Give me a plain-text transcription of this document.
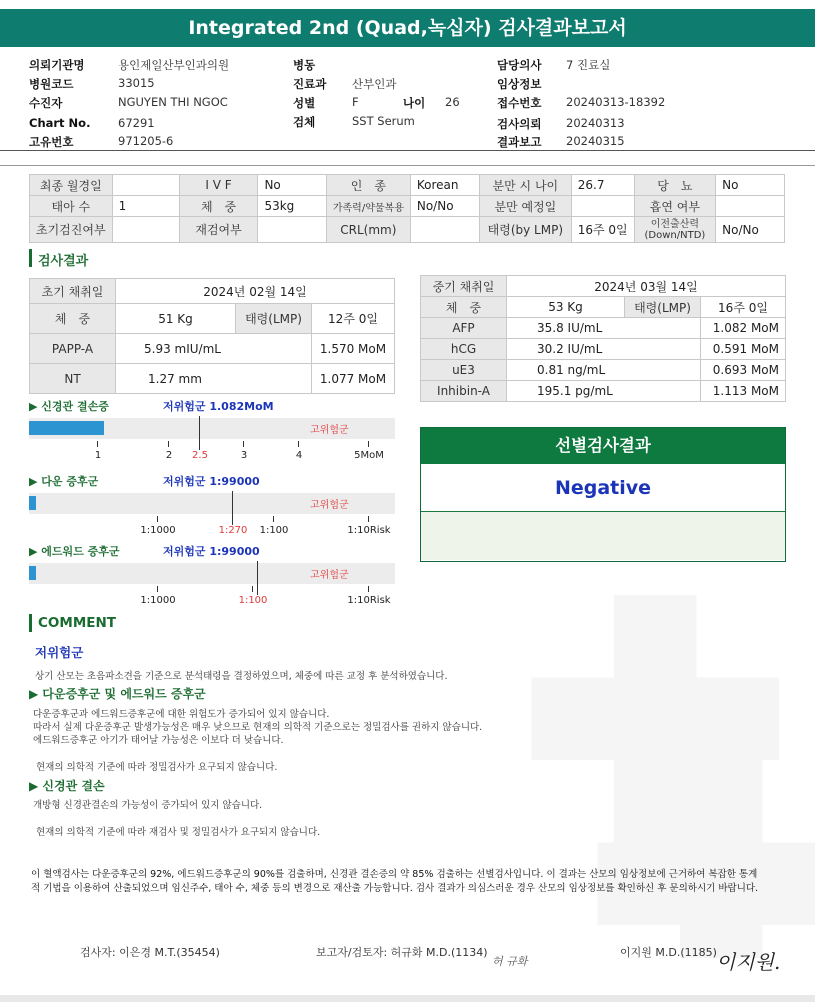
Integrated 2nd (Quad,녹십자) 검사결과보고서
의뢰기관명	용인제일산부인과의원
병원코드	33015
수진자	NGUYEN THI NGOC
Chart No. 67291
고유번호	971205-6
병동
진료과 산부인과
성별	F
검체	SST Serum
나이 26
담당의사 7 진료실
임상정보
접수번호 20240313-18392
검사의뢰 20240313
결과보고 20240315
최종 월경일		I V F	No	인　종	Korean	분만 시 나이	26.7	당　뇨	No
태아 수	1	체　중	53kg	가족력/약물복용	No/No	분만 예정일		흡연 여부	
초기검진여부		재검여부		CRL(mm)		태령(by LMP)	16주 0일	이전출산력
(Down/NTD)	No/No
검사결과
초기 채취일	2024년 02월 14일		
체　중	51 Kg	태령(LMP)	12주 0일
PAPP-A	5.93 mIU/mL		1.570 MoM
NT	1.27 mm		1.077 MoM
중기 채취일	2024년 03월 14일		
체　중	53 Kg	태령(LMP)	16주 0일
AFP	35.8 IU/mL		1.082 MoM
hCG	30.2 IU/mL		0.591 MoM
uE3	0.81 ng/mL		0.693 MoM
Inhibin-A	195.1 pg/mL		1.113 MoM
▶ 신경관 결손증	저위험군 1.082MoM
고위험군
1	2 2.5	3	4	5MoM
▶ 다운 증후군	저위험군 1:99000
고위험군
1:1000	1:270 1:100	1:10Risk
▶ 에드워드 증후군	저위험군 1:99000
고위험군
1:1000	1:100	1:10Risk
선별검사결과
Negative
COMMENT
저위험군
상기 산모는 초음파소견을 기준으로 분석태령을 결정하였으며, 체중에 따른 교정 후 분석하였습니다.
▶ 다운증후군 및 에드워드 증후군
다운증후군과 에드워드증후군에 대한 위험도가 증가되어 있지 않습니다.
따라서 실제 다운증후군 발생가능성은 매우 낮으므로 현재의 의학적 기준으로는 정밀검사를 권하지 않습니다.
에드워드증후군 아기가 태어날 가능성은 이보다 더 낮습니다.
현재의 의학적 기준에 따라 정밀검사가 요구되지 않습니다.
▶ 신경관 결손
개방형 신경관결손의 가능성이 증가되어 있지 않습니다.
현재의 의학적 기준에 따라 재검사 및 정밀검사가 요구되지 않습니다.
이 혈액검사는 다운증후군의 92%, 에드워드증후군의 90%를 검출하며, 신경관 결손증의 약 85% 검출하는 선별검사입니다. 이 결과는 산모의 임상정보에 근거하여 복잡한 통계
적 기법을 이용하여 산출되었으며 임신주수, 태아 수, 체중 등의 변경으로 재산출 가능합니다. 검사 결과가 의심스러운 경우 산모의 임상정보를 확인하신 후 문의하시기 바랍니다.
검사자: 이은경 M.T.(35454)	보고자/검토자: 허규화 M.D.(1134)
허 규화
이지원 M.D.(1185) 이지원.
